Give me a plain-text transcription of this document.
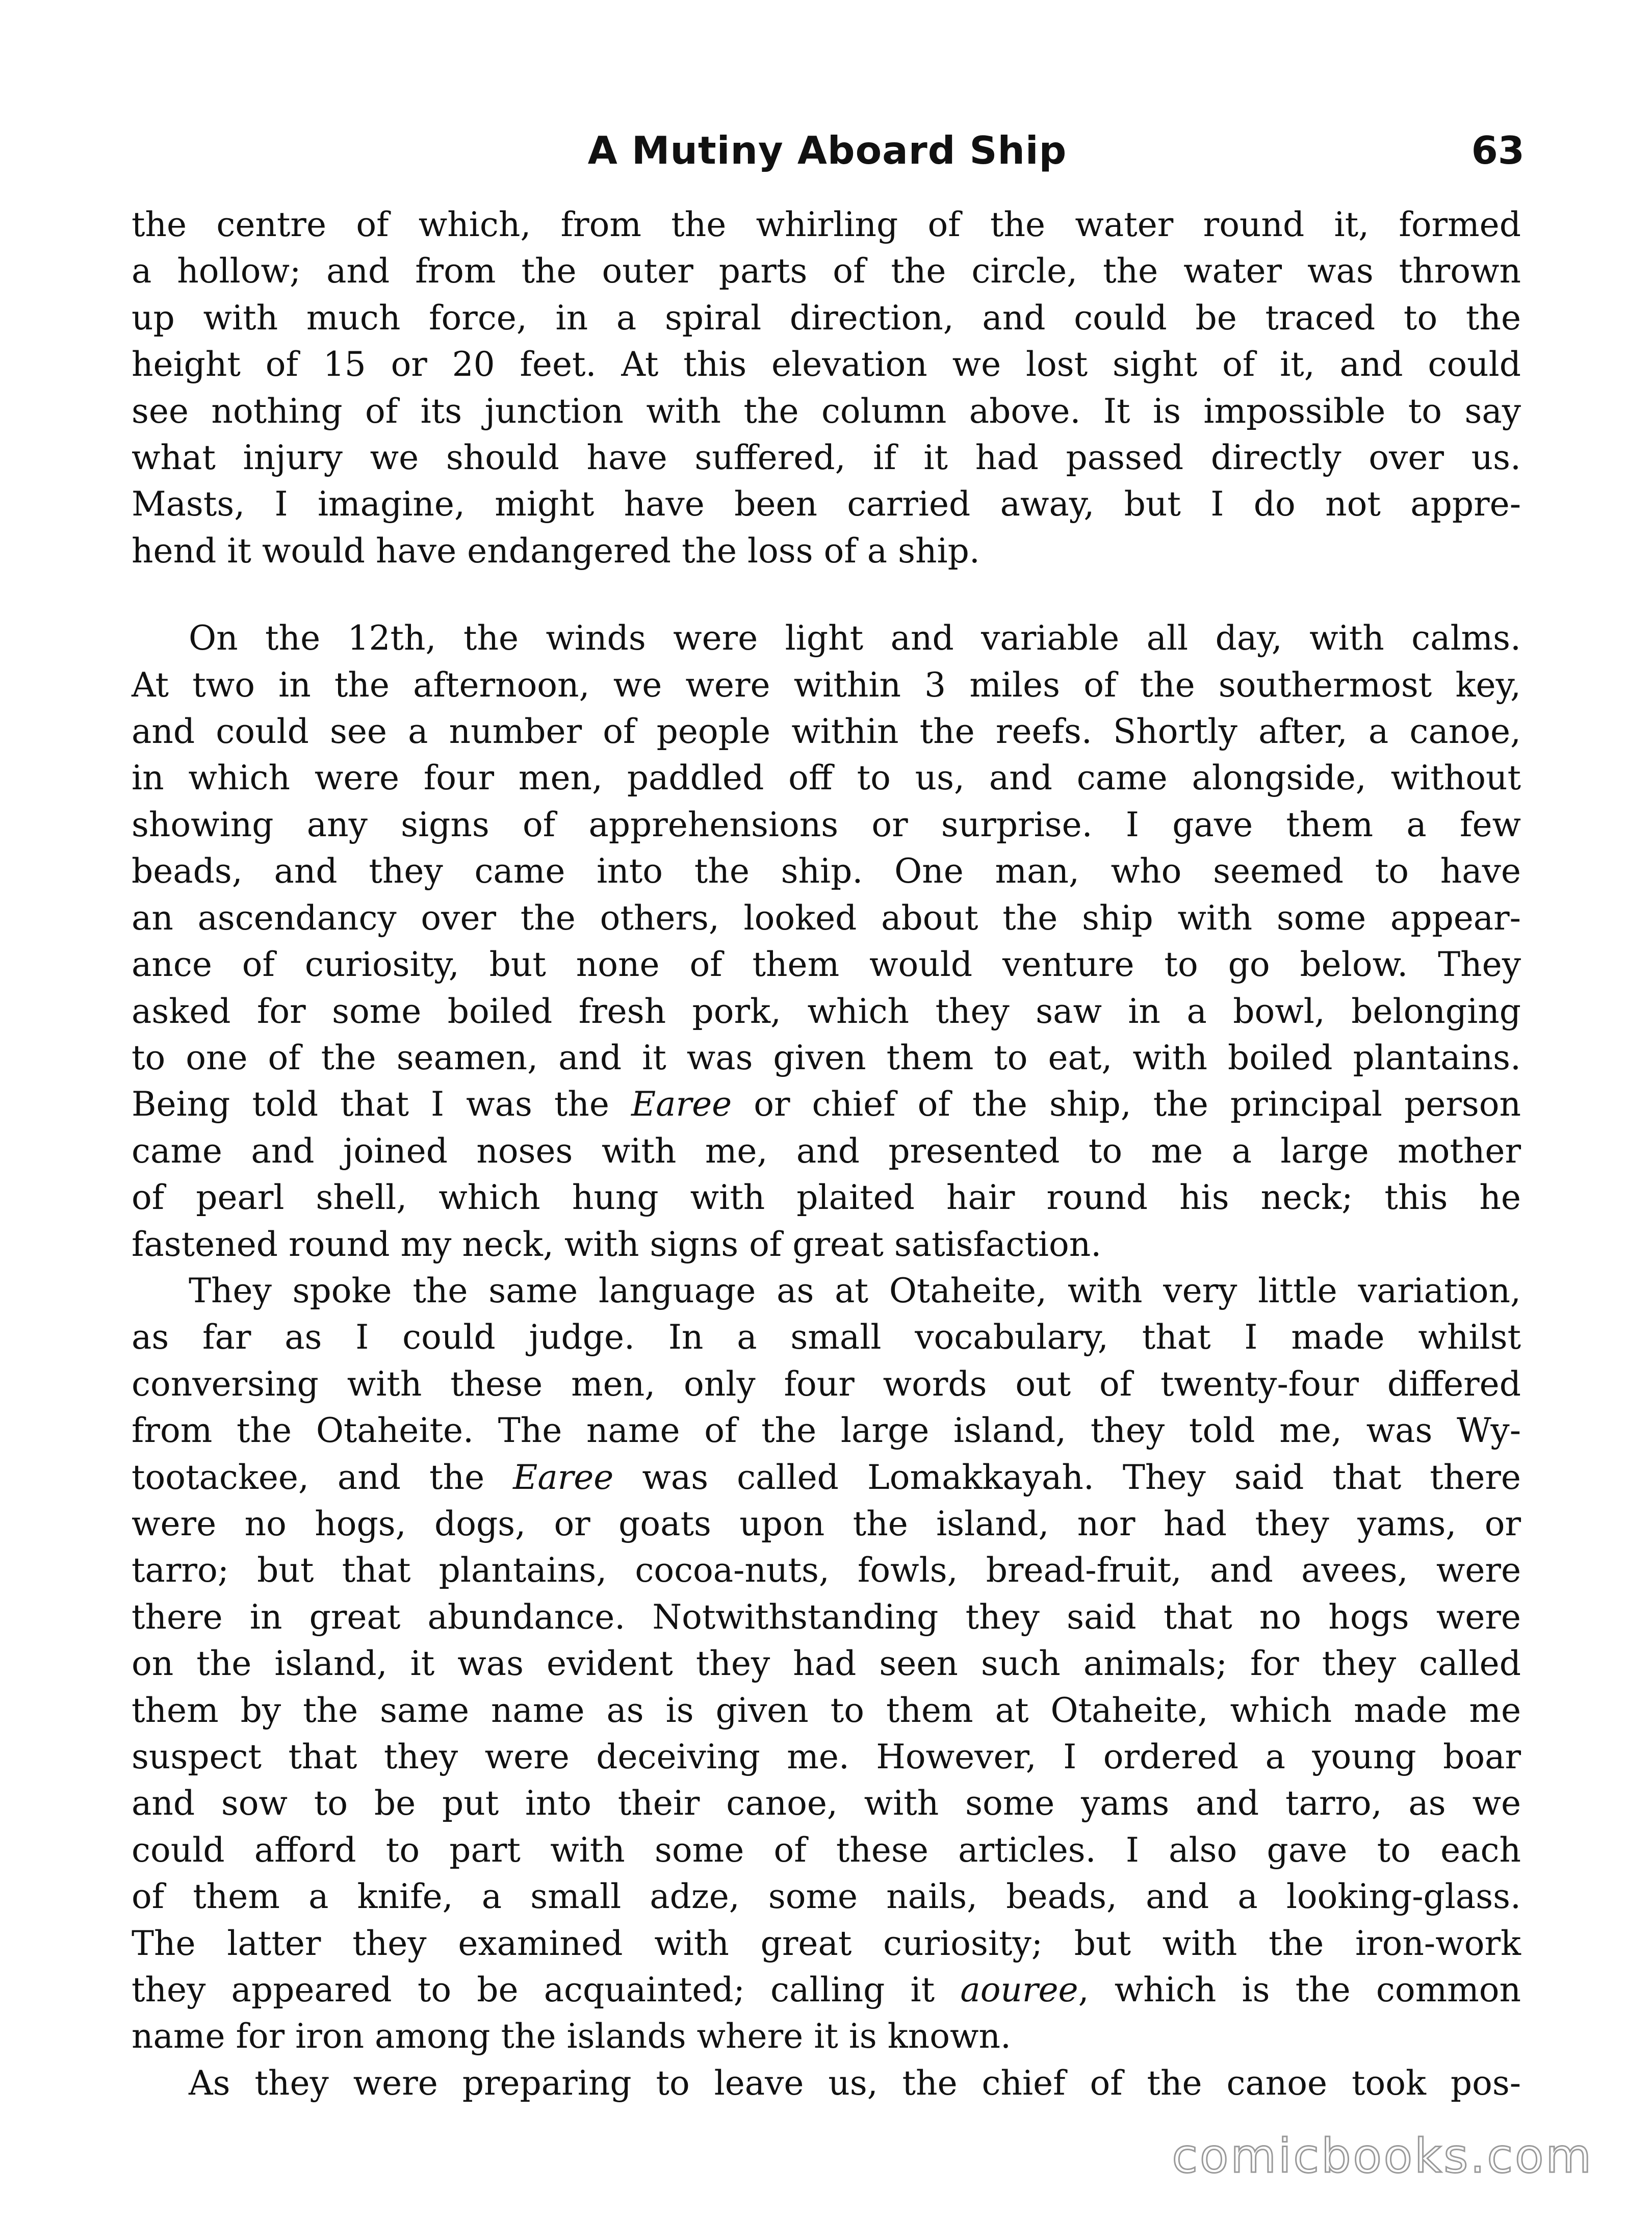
A Mutiny Aboard Ship	63
the centre of which, from the whirling of the water round it, formed
a hollow; and from the outer parts of the circle, the water was thrown
up with much force, in a spiral direction, and could be traced to the
height of 15 or 20 feet. At this elevation we lost sight of it, and could
see nothing of its junction with the column above. It is impossible to say
what injury we should have suffered, if it had passed directly over us.
Masts, I imagine, might have been carried away, but I do not appre-
hend it would have endangered the loss of a ship.
On the 12th, the winds were light and variable all day, with calms.
At two in the afternoon, we were within 3 miles of the southermost key,
and could see a number of people within the reefs. Shortly after, a canoe,
in which were four men, paddled off to us, and came alongside, without
showing any signs of apprehensions or surprise. I gave them a few
beads, and they came into the ship. One man, who seemed to have
an ascendancy over the others, looked about the ship with some appear-
ance of curiosity, but none of them would venture to go below. They
asked for some boiled fresh pork, which they saw in a bowl, belonging
to one of the seamen, and it was given them to eat, with boiled plantains.
Being told that I was the Earee or chief of the ship, the principal person
came and joined noses with me, and presented to me a large mother
of pearl shell, which hung with plaited hair round his neck; this he
fastened round my neck, with signs of great satisfaction.
They spoke the same language as at Otaheite, with very little variation,
as far as I could judge. In a small vocabulary, that I made whilst
conversing with these men, only four words out of twenty-four differed
from the Otaheite. The name of the large island, they told me, was Wy-
tootackee, and the Earee was called Lomakkayah. They said that there
were no hogs, dogs, or goats upon the island, nor had they yams, or
tarro; but that plantains, cocoa-nuts, fowls, bread-fruit, and avees, were
there in great abundance. Notwithstanding they said that no hogs were
on the island, it was evident they had seen such animals; for they called
them by the same name as is given to them at Otaheite, which made me
suspect that they were deceiving me. However, I ordered a young boar
and sow to be put into their canoe, with some yams and tarro, as we
could afford to part with some of these articles. I also gave to each
of them a knife, a small adze, some nails, beads, and a looking-glass.
The latter they examined with great curiosity; but with the iron-work
they appeared to be acquainted; calling it aouree, which is the common
name for iron among the islands where it is known.
As they were preparing to leave us, the chief of the canoe took pos-
comicbooks.com
